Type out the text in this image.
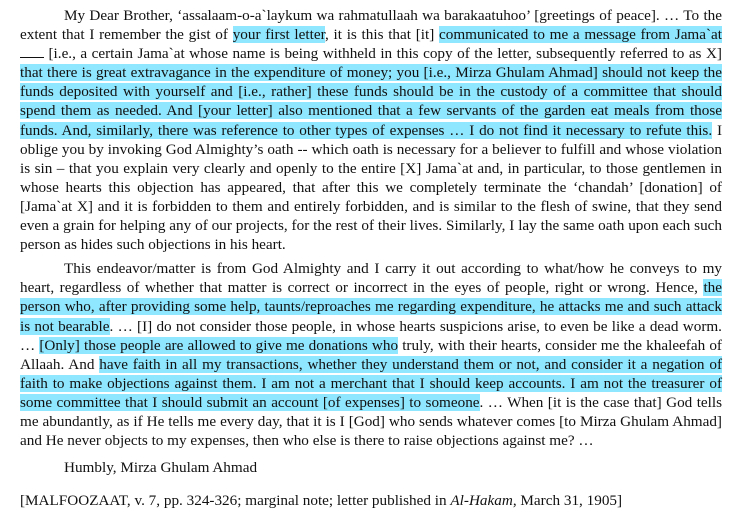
My Dear Brother, ‘assalaam-o-a`laykum wa rahmatullaah wa barakaatuhoo’ [greetings of peace]. … To the extent that I remember the gist of your first letter, it is this that [it] communicated to me a message from Jama`at  [i.e., a certain Jama`at whose name is being withheld in this copy of the letter, subsequently referred to as X] that there is great extravagance in the expenditure of money; you [i.e., Mirza Ghulam Ahmad] should not keep the funds deposited with yourself and [i.e., rather] these funds should be in the custody of a committee that should spend them as needed. And [your letter] also mentioned that a few servants of the garden eat meals from those funds. And, similarly, there was reference to other types of expenses … I do not find it necessary to refute this. I oblige you by invoking God Almighty’s oath -- which oath is necessary for a believer to fulfill and whose violation is sin – that you explain very clearly and openly to the entire [X] Jama`at and, in particular, to those gentlemen in whose hearts this objection has appeared, that after this we completely terminate the ‘chandah’ [donation] of [Jama`at X] and it is forbidden to them and entirely forbidden, and is similar to the flesh of swine, that they send even a grain for helping any of our projects, for the rest of their lives. Similarly, I lay the same oath upon each such person as hides such objections in his heart.

This endeavor/matter is from God Almighty and I carry it out according to what/how he conveys to my heart, regardless of whether that matter is correct or incorrect in the eyes of people, right or wrong. Hence, the person who, after providing some help, taunts/reproaches me regarding expenditure, he attacks me and such attack is not bearable. … [I] do not consider those people, in whose hearts suspicions arise, to even be like a dead worm. … [Only] those people are allowed to give me donations who truly, with their hearts, consider me the khaleefah of Allaah. And have faith in all my transactions, whether they understand them or not, and consider it a negation of faith to make objections against them. I am not a merchant that I should keep accounts. I am not the treasurer of some committee that I should submit an account [of expenses] to someone. … When [it is the case that] God tells me abundantly, as if He tells me every day, that it is I [God] who sends whatever comes [to Mirza Ghulam Ahmad] and He never objects to my expenses, then who else is there to raise objections against me? …

Humbly, Mirza Ghulam Ahmad

[MALFOOZAAT, v. 7, pp. 324-326; marginal note; letter published in Al-Hakam, March 31, 1905]
